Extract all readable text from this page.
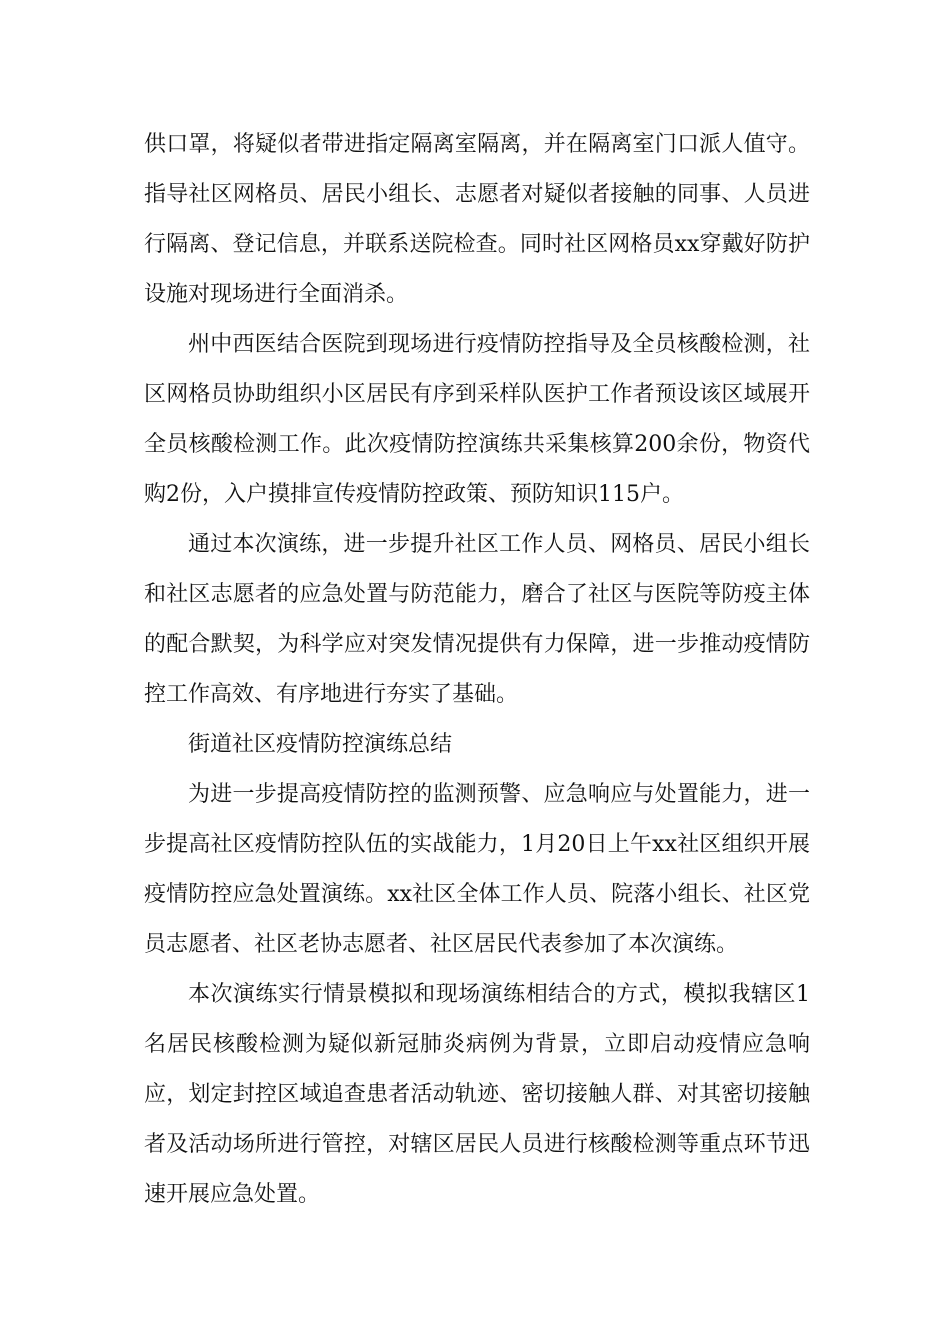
供口罩，将疑似者带进指定隔离室隔离，并在隔离室门口派人值守。指导社区网格员、居民小组长、志愿者对疑似者接触的同事、人员进行隔离、登记信息，并联系送院检查。同时社区网格员xx穿戴好防护设施对现场进行全面消杀。

州中西医结合医院到现场进行疫情防控指导及全员核酸检测，社区网格员协助组织小区居民有序到采样队医护工作者预设该区域展开全员核酸检测工作。此次疫情防控演练共采集核算200余份，物资代购2份，入户摸排宣传疫情防控政策、预防知识115户。

通过本次演练，进一步提升社区工作人员、网格员、居民小组长和社区志愿者的应急处置与防范能力，磨合了社区与医院等防疫主体的配合默契，为科学应对突发情况提供有力保障，进一步推动疫情防控工作高效、有序地进行夯实了基础。

街道社区疫情防控演练总结

为进一步提高疫情防控的监测预警、应急响应与处置能力，进一步提高社区疫情防控队伍的实战能力，1月20日上午xx社区组织开展疫情防控应急处置演练。xx社区全体工作人员、院落小组长、社区党员志愿者、社区老协志愿者、社区居民代表参加了本次演练。

本次演练实行情景模拟和现场演练相结合的方式，模拟我辖区1名居民核酸检测为疑似新冠肺炎病例为背景，立即启动疫情应急响应，划定封控区域追查患者活动轨迹、密切接触人群、对其密切接触者及活动场所进行管控，对辖区居民人员进行核酸检测等重点环节迅速开展应急处置。
